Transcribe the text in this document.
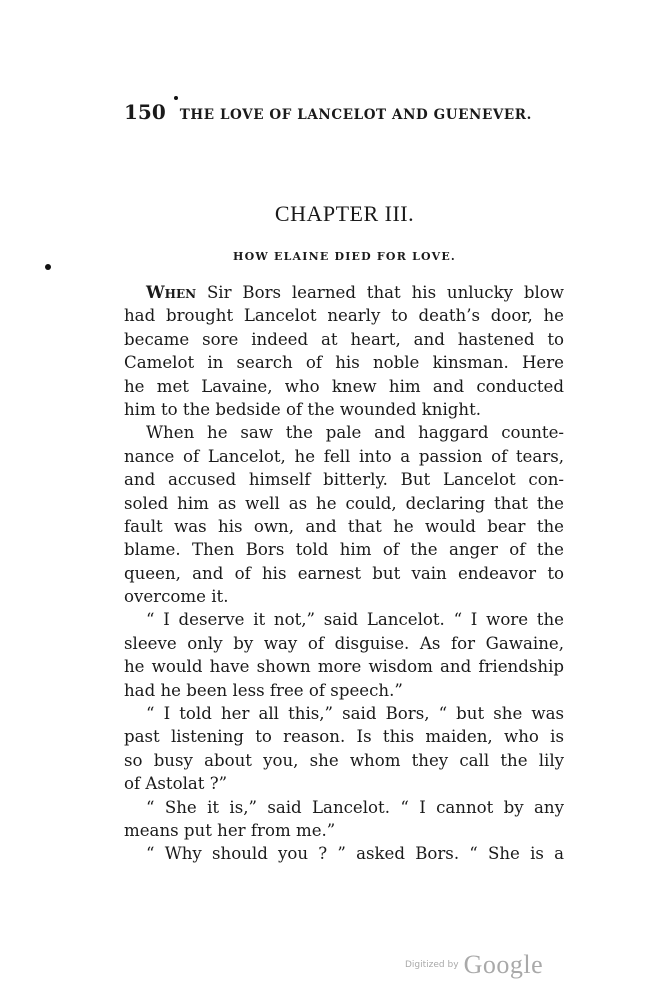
150 THE LOVE OF LANCELOT AND GUENEVER.
CHAPTER III.
HOW ELAINE DIED FOR LOVE.
When Sir Bors learned that his unlucky blow
had brought Lancelot nearly to death’s door, he
became sore indeed at heart, and hastened to
Camelot in search of his noble kinsman. Here
he met Lavaine, who knew him and conducted
him to the bedside of the wounded knight.
When he saw the pale and haggard counte-
nance of Lancelot, he fell into a passion of tears,
and accused himself bitterly. But Lancelot con-
soled him as well as he could, declaring that the
fault was his own, and that he would bear the
blame. Then Bors told him of the anger of the
queen, and of his earnest but vain endeavor to
overcome it.
“ I deserve it not,” said Lancelot. “ I wore the
sleeve only by way of disguise. As for Gawaine,
he would have shown more wisdom and friendship
had he been less free of speech.”
“ I told her all this,” said Bors, “ but she was
past listening to reason. Is this maiden, who is
so busy about you, she whom they call the lily
of Astolat ?”
“ She it is,” said Lancelot. “ I cannot by any
means put her from me.”
“ Why should you ? ” asked Bors. “ She is a
Digitized by Google
